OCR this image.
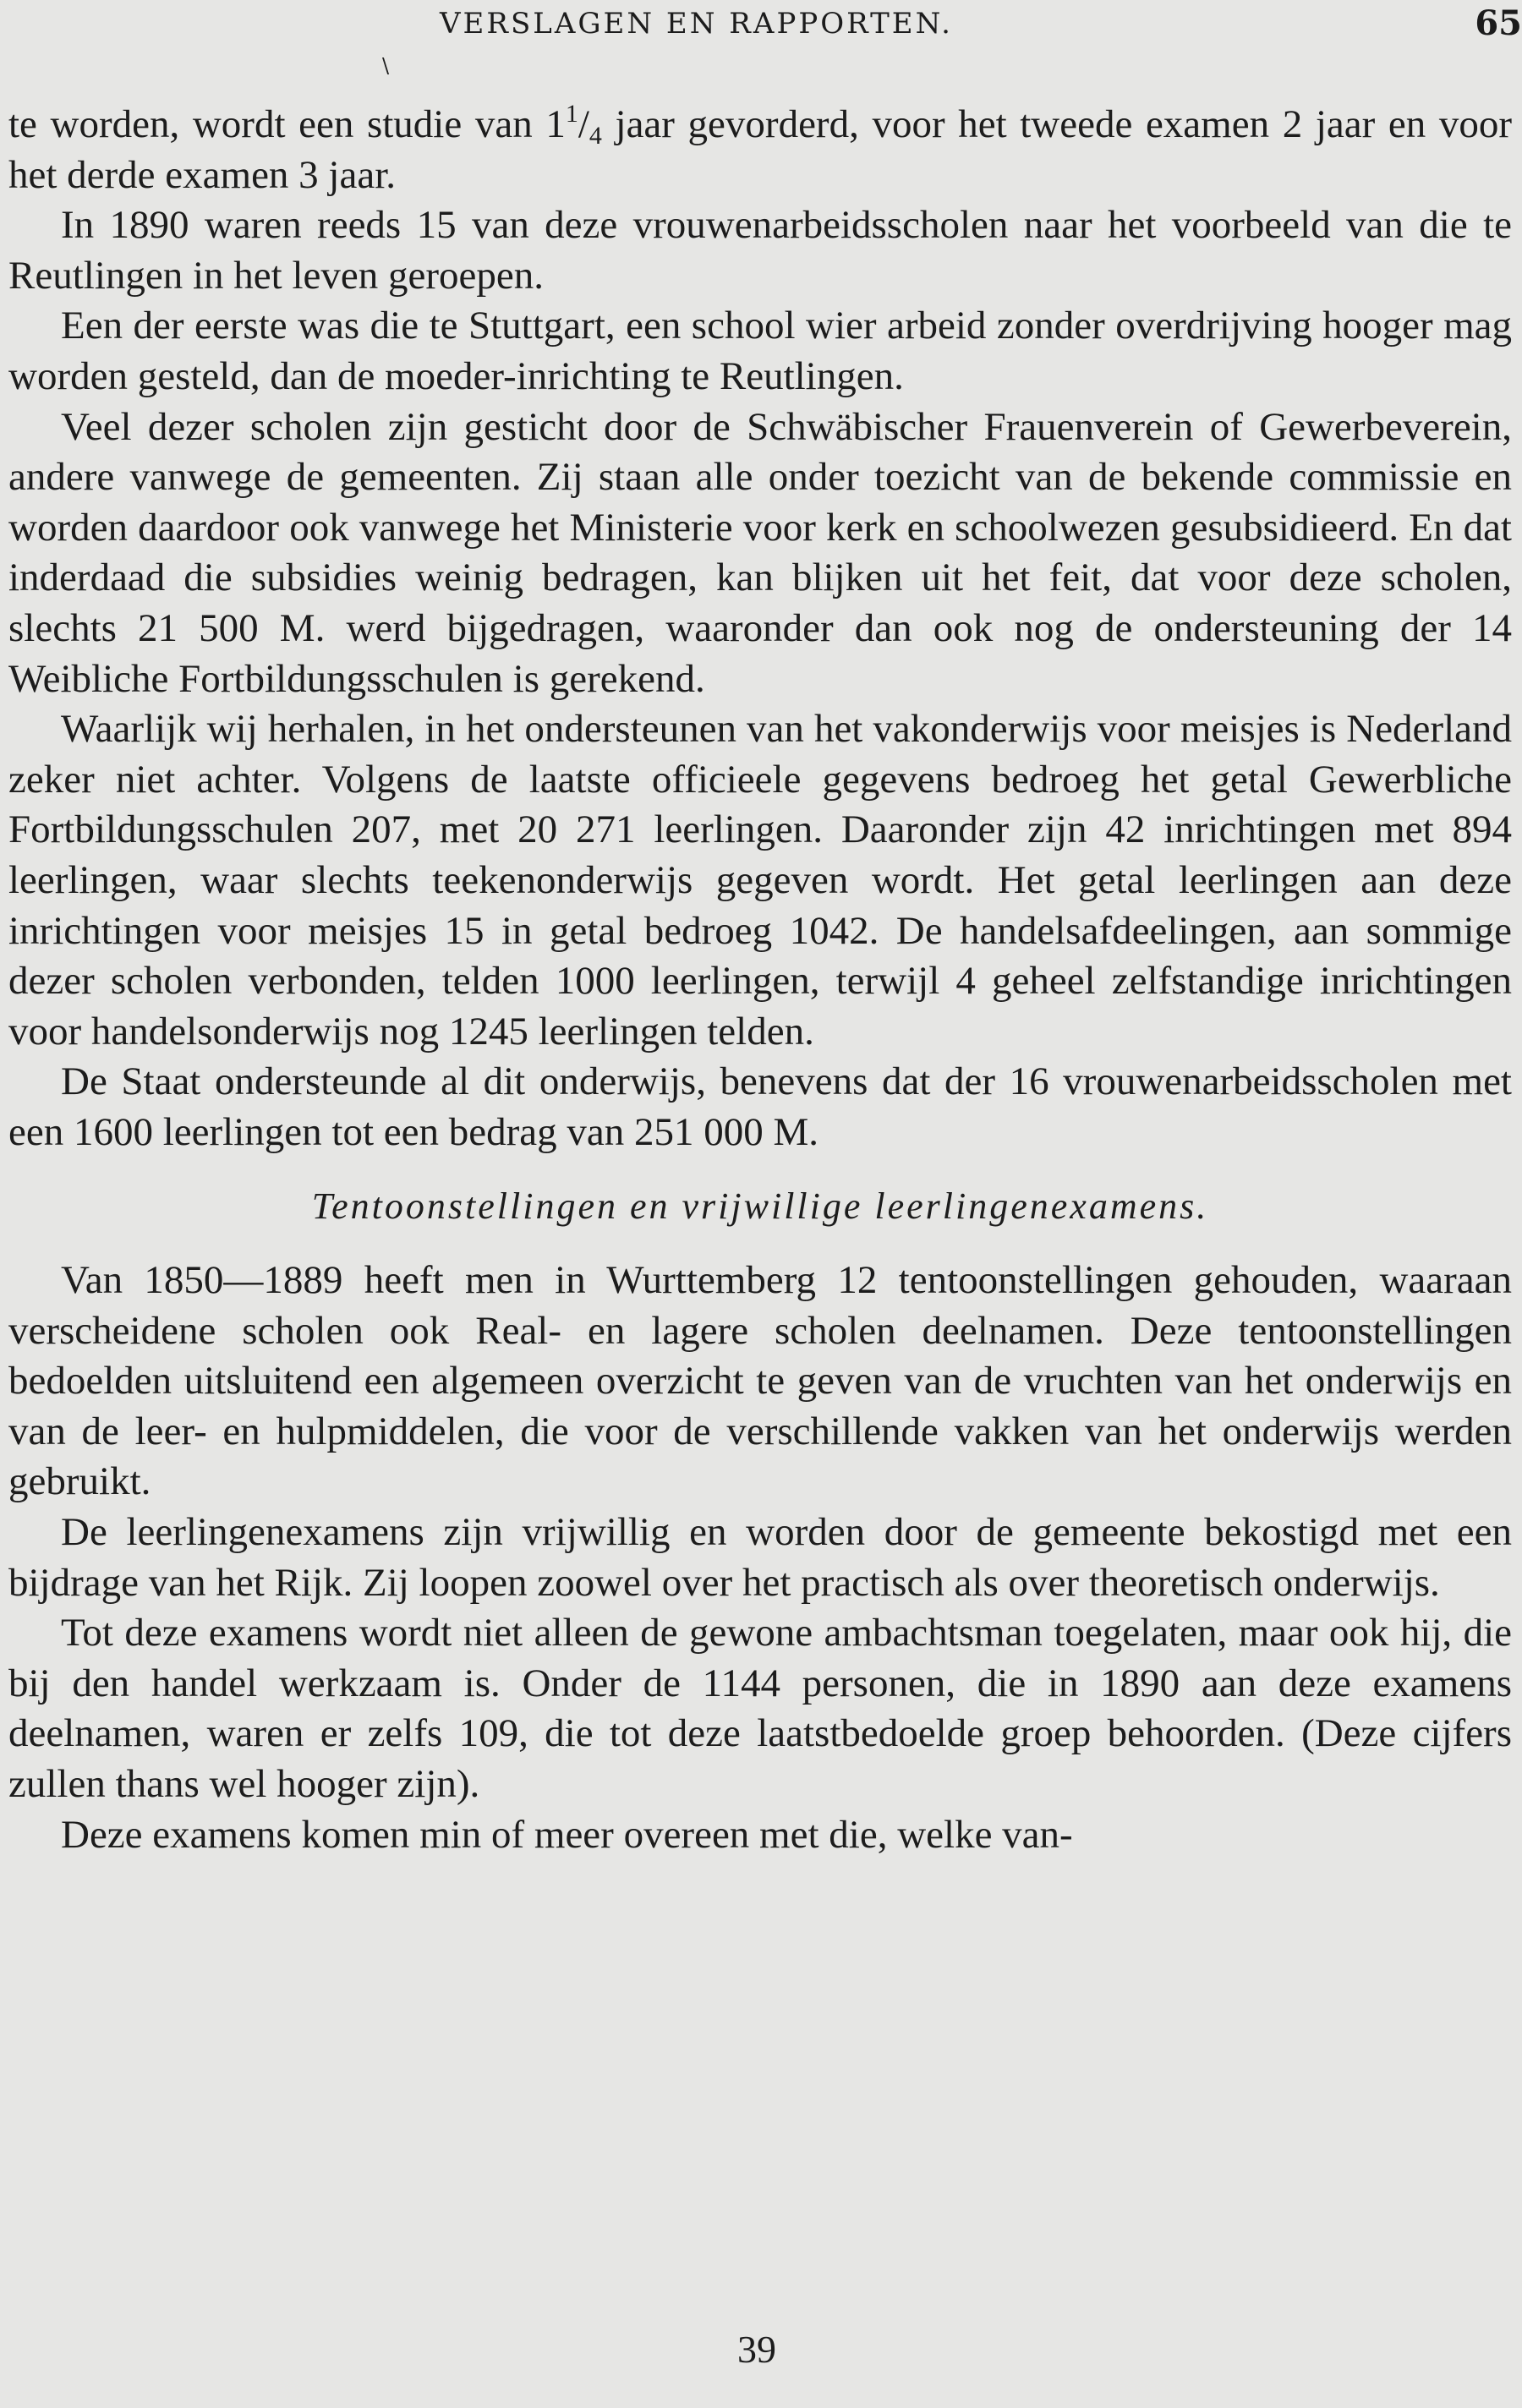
VERSLAGEN EN RAPPORTEN.	65
\

te worden, wordt een studie van $1^1/_4$ jaar gevorderd, voor het tweede examen 2 jaar en voor het derde examen 3 jaar.

In 1890 waren reeds 15 van deze vrouwenarbeidsscholen naar het voorbeeld van die te Reutlingen in het leven geroepen.

Een der eerste was die te Stuttgart, een school wier arbeid zonder overdrijving hooger mag worden gesteld, dan de moeder-inrichting te Reutlingen.

Veel dezer scholen zijn gesticht door de Schwäbischer Frauenverein of Gewerbeverein, andere vanwege de gemeenten. Zij staan alle onder toezicht van de bekende commissie en worden daardoor ook vanwege het Ministerie voor kerk en schoolwezen gesubsidieerd. En dat inderdaad die subsidies weinig bedragen, kan blijken uit het feit, dat voor deze scholen, slechts 21 500 M. werd bijgedragen, waaronder dan ook nog de ondersteuning der 14 Weibliche Fortbildungsschulen is gerekend.

Waarlijk wij herhalen, in het ondersteunen van het vakonderwijs voor meisjes is Nederland zeker niet achter. Volgens de laatste officieele gegevens bedroeg het getal Gewerbliche Fortbildungsschulen 207, met 20 271 leerlingen. Daaronder zijn 42 inrichtingen met 894 leerlingen, waar slechts teekenonderwijs gegeven wordt. Het getal leerlingen aan deze inrichtingen voor meisjes 15 in getal bedroeg 1042. De handelsafdeelingen, aan sommige dezer scholen verbonden, telden 1000 leerlingen, terwijl 4 geheel zelfstandige inrichtingen voor handelsonderwijs nog 1245 leerlingen telden.

De Staat ondersteunde al dit onderwijs, benevens dat der 16 vrouwenarbeidsscholen met een 1600 leerlingen tot een bedrag van 251 000 M.

Tentoonstellingen en vrijwillige leerlingenexamens.

Van 1850—1889 heeft men in Wurttemberg 12 tentoonstellingen gehouden, waaraan verscheidene scholen ook Real- en lagere scholen deelnamen. Deze tentoonstellingen bedoelden uitsluitend een algemeen overzicht te geven van de vruchten van het onderwijs en van de leer- en hulpmiddelen, die voor de verschillende vakken van het onderwijs werden gebruikt.

De leerlingenexamens zijn vrijwillig en worden door de gemeente bekostigd met een bijdrage van het Rijk. Zij loopen zoowel over het practisch als over theoretisch onderwijs.

Tot deze examens wordt niet alleen de gewone ambachtsman toegelaten, maar ook hij, die bij den handel werkzaam is. Onder de 1144 personen, die in 1890 aan deze examens deelnamen, waren er zelfs 109, die tot deze laatstbedoelde groep behoorden. (Deze cijfers zullen thans wel hooger zijn).

Deze examens komen min of meer overeen met die, welke van-

39
